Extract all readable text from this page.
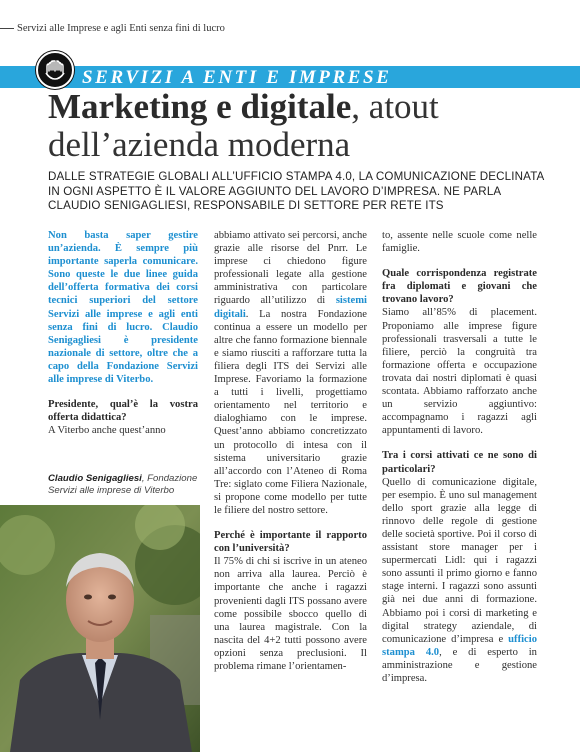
Servizi alle Imprese e agli Enti senza fini di lucro
SERVIZI A ENTI E IMPRESE
Marketing e digitale, atout dell’azienda moderna
DALLE STRATEGIE GLOBALI ALL’UFFICIO STAMPA 4.0, LA COMUNICAZIONE DECLINATA IN OGNI ASPETTO È IL VALORE AGGIUNTO DEL LAVORO D’IMPRESA. NE PARLA CLAUDIO SENIGAGLIESI, RESPONSABILE DI SETTORE PER RETE ITS

Non basta saper gestire un’azienda. È sempre più importante saperla comunicare. Sono queste le due linee guida dell’offerta formativa dei corsi tecnici superiori del settore Servizi alle imprese e agli enti senza fini di lucro. Claudio Senigagliesi è presidente nazionale di settore, oltre che a capo della Fondazione Servizi alle imprese di Viterbo.

Presidente, qual’è la vostra offerta didattica?

A Viterbo anche quest’anno

Claudio Senigagliesi, Fondazione Servizi alle imprese di Viterbo

abbiamo attivato sei percorsi, anche grazie alle risorse del Pnrr. Le imprese ci chiedono figure professionali legate alla gestione amministrativa con particolare riguardo all’utilizzo di sistemi digitali. La nostra Fondazione continua a essere un modello per altre che fanno formazione biennale e siamo riusciti a rafforzare tutta la filiera degli ITS dei Servizi alle Imprese. Favoriamo la formazione a tutti i livelli, progettiamo orientamento nel territorio e dialoghiamo con le imprese. Quest’anno abbiamo concretizzato un protocollo di intesa con il sistema universitario grazie all’accordo con l’Ateneo di Roma Tre: siglato come Filiera Nazionale, si propone come modello per tutte le filiere del nostro settore.

Perché è importante il rapporto con l’università?

Il 75% di chi si iscrive in un ateneo non arriva alla laurea. Perciò è importante che anche i ragazzi provenienti dagli ITS possano avere come possibile sbocco quello di una laurea magistrale. Con la nascita del 4+2 tutti possono avere opzioni senza preclusioni. Il problema rimane l’orientamen-

to, assente nelle scuole come nelle famiglie.

Quale corrispondenza registrate fra diplomati e giovani che trovano lavoro?

Siamo all’85% di placement. Proponiamo alle imprese figure professionali trasversali a tutte le filiere, perciò la congruità tra formazione offerta e occupazione trovata dai nostri diplomati è quasi scontata. Abbiamo rafforzato anche un servizio aggiuntivo: accompagnamo i ragazzi agli appuntamenti di lavoro.

Tra i corsi attivati ce ne sono di particolari?

Quello di comunicazione digitale, per esempio. È uno sul management dello sport grazie alla legge di rinnovo delle regole di gestione delle società sportive. Poi il corso di assistant store manager per i supermercati Lidl: qui i ragazzi sono assunti il primo giorno e fanno stage interni. I ragazzi sono assunti già nei due anni di formazione. Abbiamo poi i corsi di marketing e digital strategy aziendale, di comunicazione d’impresa e ufficio stampa 4.0, e di esperto in amministrazione e gestione d’impresa.
